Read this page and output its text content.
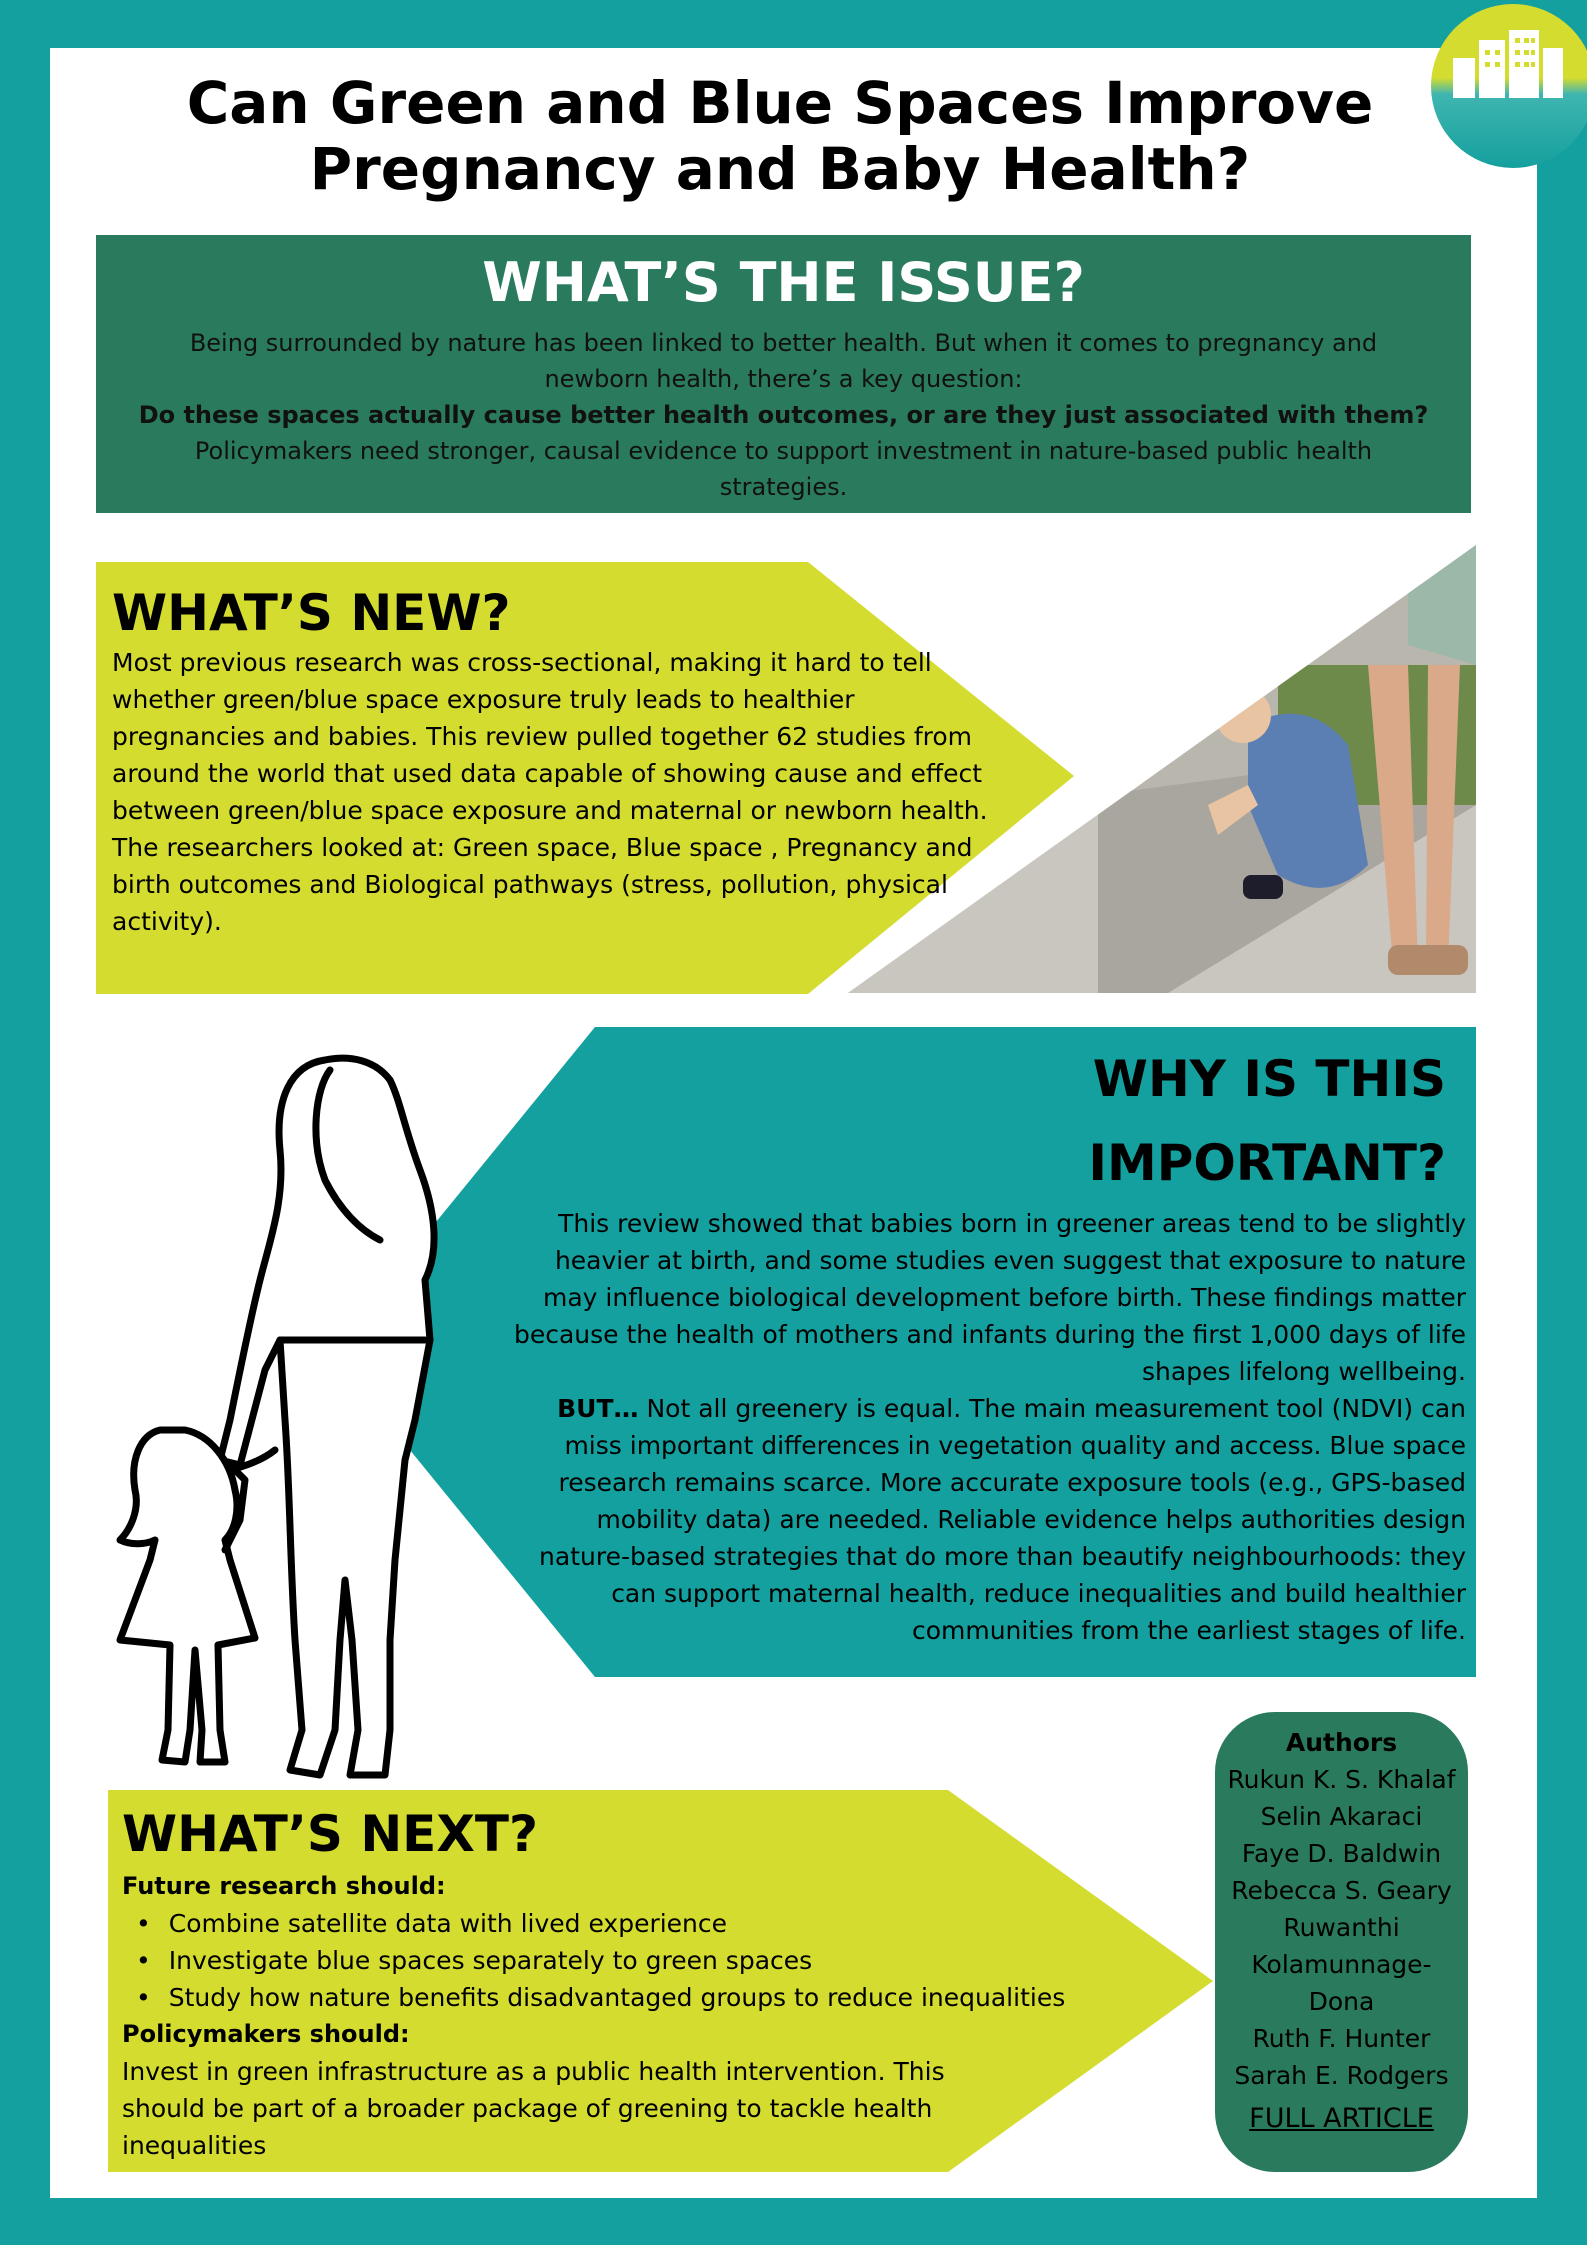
Can Green and Blue Spaces Improve
Pregnancy and Baby Health?
WHAT’S THE ISSUE?

Being surrounded by nature has been linked to better health. But when it comes to pregnancy and newborn health, there’s a key question:

Do these spaces actually cause better health outcomes, or are they just associated with them?

Policymakers need stronger, causal evidence to support investment in nature-based public health strategies.

WHAT’S NEW?

Most previous research was cross-sectional, making it hard to tell whether green/blue space exposure truly leads to healthier pregnancies and babies. This review pulled together 62 studies from around the world that used data capable of showing cause and effect between green/blue space exposure and maternal or newborn health.

The researchers looked at: Green space, Blue space , Pregnancy and birth outcomes and Biological pathways (stress, pollution, physical activity).

WHY IS THIS
IMPORTANT?

This review showed that babies born in greener areas tend to be slightly heavier at birth, and some studies even suggest that exposure to nature may influence biological development before birth. These findings matter because the health of mothers and infants during the first 1,000 days of life shapes lifelong wellbeing.

BUT… Not all greenery is equal. The main measurement tool (NDVI) can miss important differences in vegetation quality and access. Blue space research remains scarce. More accurate exposure tools (e.g., GPS-based mobility data) are needed. Reliable evidence helps authorities design nature-based strategies that do more than beautify neighbourhoods: they can support maternal health, reduce inequalities and build healthier communities from the earliest stages of life.

WHAT’S NEXT?
Future research should:
• Combine satellite data with lived experience
• Investigate blue spaces separately to green spaces
• Study how nature benefits disadvantaged groups to reduce inequalities
Policymakers should:

Invest in green infrastructure as a public health intervention. This should be part of a broader package of greening to tackle health inequalities

Authors
Rukun K. S. Khalaf
Selin Akaraci
Faye D. Baldwin
Rebecca S. Geary
Ruwanthi
Kolamunnage-
Dona
Ruth F. Hunter
Sarah E. Rodgers
FULL ARTICLE
